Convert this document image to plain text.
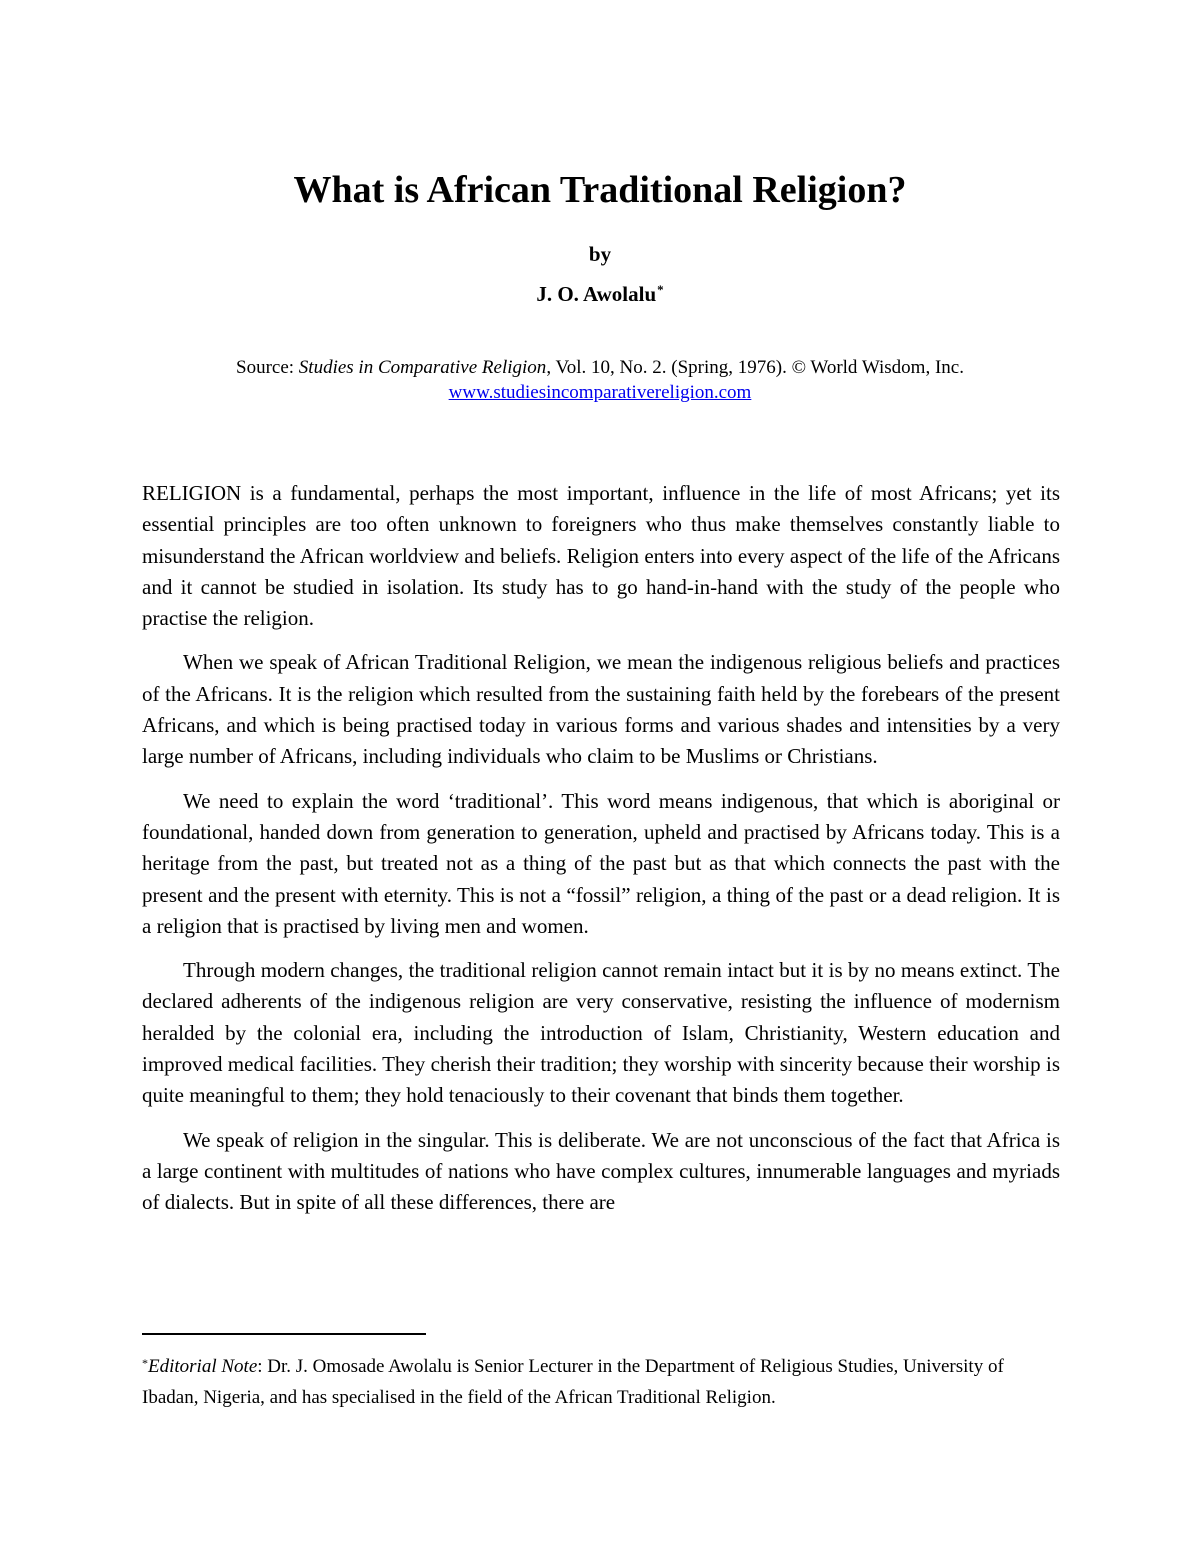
What is African Traditional Religion?
by
J. O. Awolalu*
Source: Studies in Comparative Religion, Vol. 10, No. 2. (Spring, 1976). © World Wisdom, Inc.
www.studiesincomparativereligion.com

RELIGION is a fundamental, perhaps the most important, influence in the life of most Africans; yet its essential principles are too often unknown to foreigners who thus make themselves constantly liable to misunderstand the African worldview and beliefs. Religion enters into every aspect of the life of the Africans and it cannot be studied in isolation. Its study has to go hand-in-hand with the study of the people who practise the religion.

When we speak of African Traditional Religion, we mean the indigenous religious beliefs and practices of the Africans. It is the religion which resulted from the sustaining faith held by the forebears of the present Africans, and which is being practised today in various forms and various shades and intensities by a very large number of Africans, including individuals who claim to be Muslims or Christians.

We need to explain the word ‘traditional’. This word means indigenous, that which is aboriginal or foundational, handed down from generation to generation, upheld and practised by Africans today. This is a heritage from the past, but treated not as a thing of the past but as that which connects the past with the present and the present with eternity. This is not a “fossil” religion, a thing of the past or a dead religion. It is a religion that is practised by living men and women.

Through modern changes, the traditional religion cannot remain intact but it is by no means extinct. The declared adherents of the indigenous religion are very conservative, resisting the influence of modernism heralded by the colonial era, including the introduction of Islam, Christianity, Western education and improved medical facilities. They cherish their tradition; they worship with sincerity because their worship is quite meaningful to them; they hold tenaciously to their covenant that binds them together.

We speak of religion in the singular. This is deliberate. We are not unconscious of the fact that Africa is a large continent with multitudes of nations who have complex cultures, innumerable languages and myriads of dialects. But in spite of all these differences, there are

*Editorial Note: Dr. J. Omosade Awolalu is Senior Lecturer in the Department of Religious Studies, University of Ibadan, Nigeria, and has specialised in the field of the African Traditional Religion.
